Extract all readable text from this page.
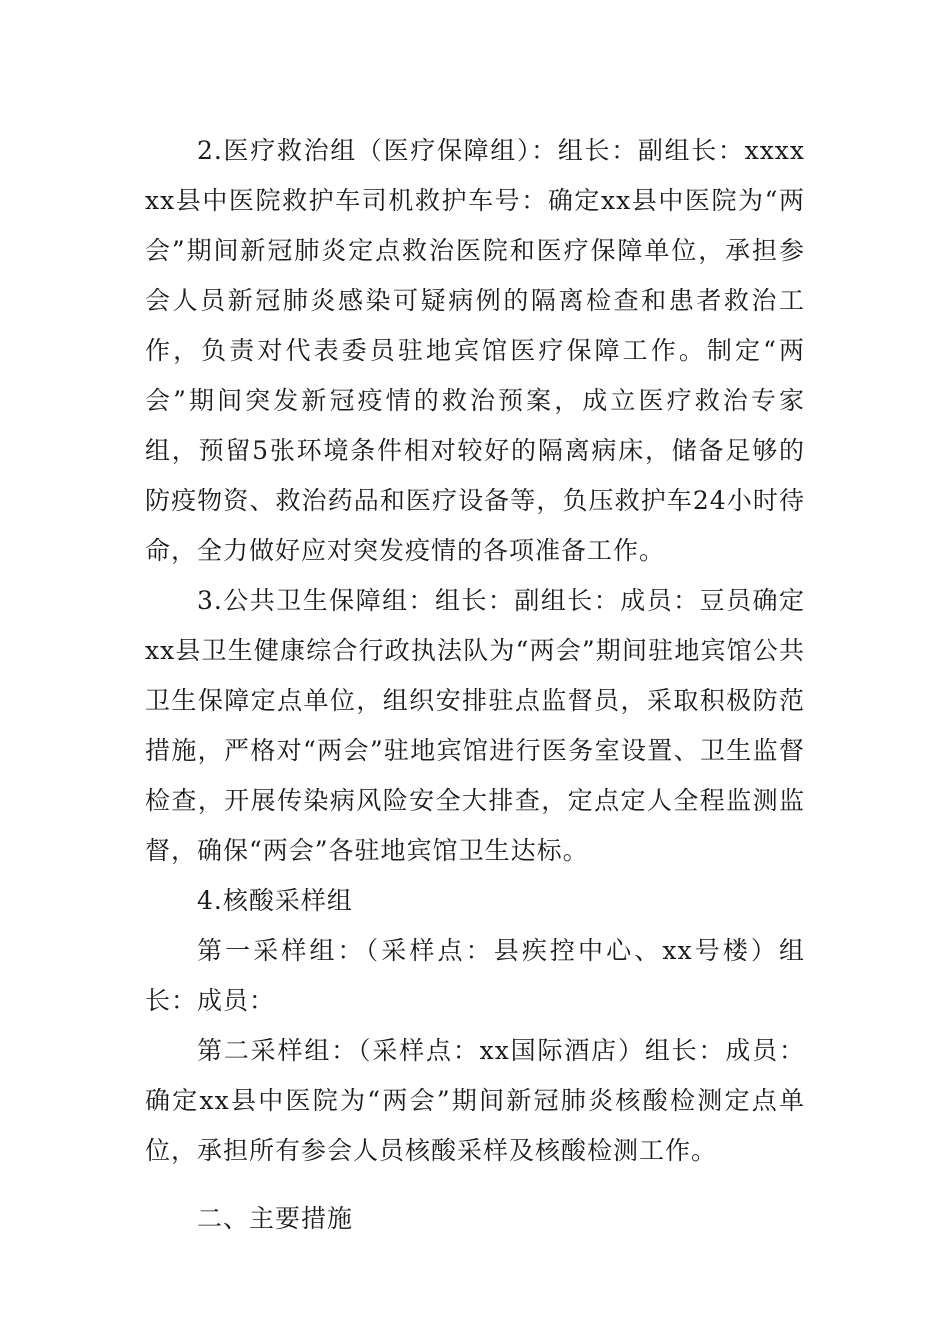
2.医疗救治组（医疗保障组）：组长：副组长：xxxxxx县中医院救护车司机救护车号：确定xx县中医院为“两会”期间新冠肺炎定点救治医院和医疗保障单位，承担参会人员新冠肺炎感染可疑病例的隔离检查和患者救治工作，负责对代表委员驻地宾馆医疗保障工作。制定“两会”期间突发新冠疫情的救治预案，成立医疗救治专家组，预留5张环境条件相对较好的隔离病床，储备足够的防疫物资、救治药品和医疗设备等，负压救护车24小时待命，全力做好应对突发疫情的各项准备工作。

3.公共卫生保障组：组长：副组长：成员：豆员确定xx县卫生健康综合行政执法队为“两会”期间驻地宾馆公共卫生保障定点单位，组织安排驻点监督员，采取积极防范措施，严格对“两会”驻地宾馆进行医务室设置、卫生监督检查，开展传染病风险安全大排查，定点定人全程监测监督，确保“两会”各驻地宾馆卫生达标。

4.核酸采样组

第一采样组：（采样点：县疾控中心、xx号楼）组长：成员：

第二采样组：（采样点：xx国际酒店）组长：成员：确定xx县中医院为“两会”期间新冠肺炎核酸检测定点单位，承担所有参会人员核酸采样及核酸检测工作。

二、主要措施
